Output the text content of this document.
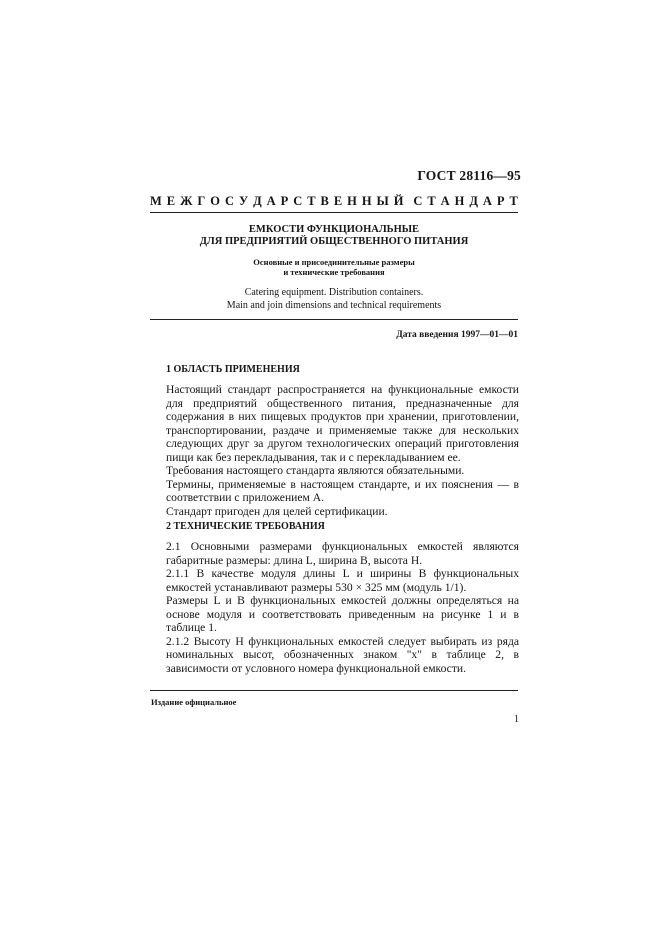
ГОСТ 28116—95
М Е Ж Г О С У Д А Р С Т В Е Н Н Ы Й С Т А Н Д А Р Т
ЕМКОСТИ ФУНКЦИОНАЛЬНЫЕ
ДЛЯ ПРЕДПРИЯТИЙ ОБЩЕСТВЕННОГО ПИТАНИЯ
Основные и присоединительные размеры
и технические требования
Catering equipment. Distribution containers.
Main and join dimensions and technical requirements
Дата введения 1997—01—01
1 ОБЛАСТЬ ПРИМЕНЕНИЯ
Настоящий стандарт распространяется на функциональные емкости для предприятий общественного питания, предназначенные для содержания в них пищевых продуктов при хранении, приготовлении, транспортировании, раздаче и применяемые также для нескольких следующих друг за другом технологических операций приготовления пищи как без перекладывания, так и с перекладыванием ее.
Требования настоящего стандарта являются обязательными.
Термины, применяемые в настоящем стандарте, и их пояснения — в соответствии с приложением А.
Стандарт пригоден для целей сертификации.
2 ТЕХНИЧЕСКИЕ ТРЕБОВАНИЯ
2.1 Основными размерами функциональных емкостей являются габаритные размеры: длина L, ширина B, высота H.
2.1.1 В качестве модуля длины L и ширины B функциональных емкостей устанавливают размеры 530 × 325 мм (модуль 1/1).
Размеры L и B функциональных емкостей должны определяться на основе модуля и соответствовать приведенным на рисунке 1 и в таблице 1.
2.1.2 Высоту H функциональных емкостей следует выбирать из ряда номинальных высот, обозначенных знаком "х" в таблице 2, в зависимости от условного номера функциональной емкости.
Издание официальное
1
